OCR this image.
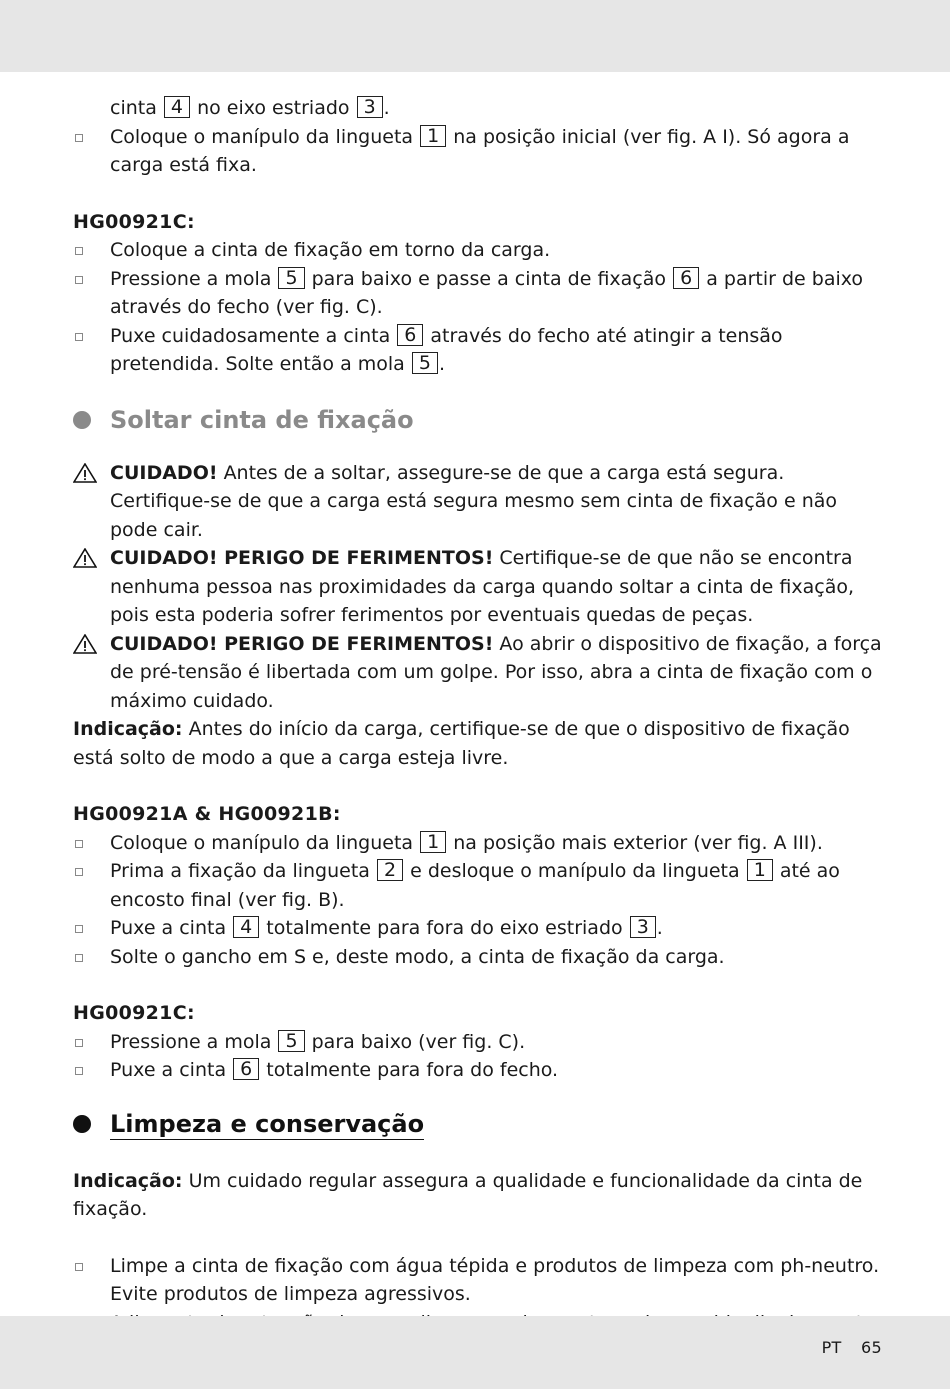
cinta 4 no eixo estriado 3 .
Coloque o manípulo da lingueta 1 na posição inicial (ver fig. A I). Só agora a carga está fixa.
HG00921C:
Coloque a cinta de fixação em torno da carga.
Pressione a mola 5 para baixo e passe a cinta de fixação 6 a partir de baixo através do fecho (ver fig. C).
Puxe cuidadosamente a cinta 6 através do fecho até atingir a tensão pretendida. Solte então a mola 5 .
Soltar cinta de fixação
CUIDADO! Antes de a soltar, assegure-se de que a carga está segura. Certifique-se de que a carga está segura mesmo sem cinta de fixação e não pode cair.
CUIDADO! PERIGO DE FERIMENTOS! Certifique-se de que não se encontra nenhuma pessoa nas proximidades da carga quando soltar a cinta de fixação, pois esta poderia sofrer ferimentos por eventuais quedas de peças.
CUIDADO! PERIGO DE FERIMENTOS! Ao abrir o dispositivo de fixação, a força de pré-tensão é libertada com um golpe. Por isso, abra a cinta de fixação com o máximo cuidado.
Indicação: Antes do início da carga, certifique-se de que o dispositivo de fixação está solto de modo a que a carga esteja livre.
HG00921A & HG00921B:
Coloque o manípulo da lingueta 1 na posição mais exterior (ver fig. A III).
Prima a fixação da lingueta 2 e desloque o manípulo da lingueta 1 até ao encosto final (ver fig. B).
Puxe a cinta 4 totalmente para fora do eixo estriado 3 .
Solte o gancho em S e, deste modo, a cinta de fixação da carga.
HG00921C:
Pressione a mola 5 para baixo (ver fig. C).
Puxe a cinta 6 totalmente para fora do fecho.
Limpeza e conservação
Indicação: Um cuidado regular assegura a qualidade e funcionalidade da cinta de fixação.
Limpe a cinta de fixação com água tépida e produtos de limpeza com ph-neutro. Evite produtos de limpeza agressivos.
PT 65
